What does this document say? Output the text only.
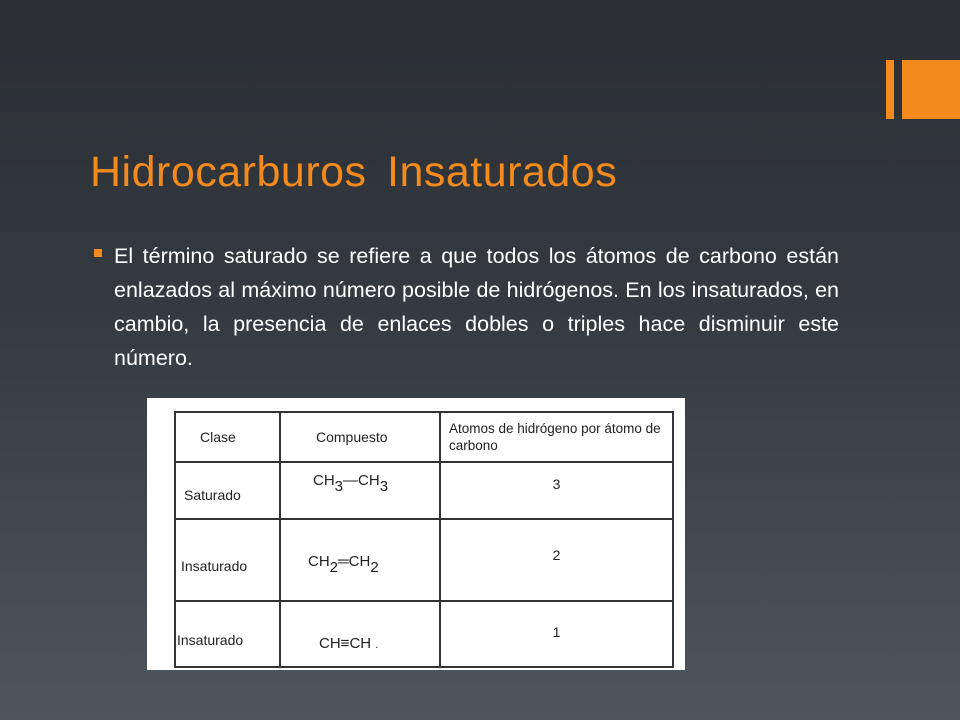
Hidrocarburos Insaturados

El término saturado se refiere a que todos los átomos de carbono están enlazados al máximo número posible de hidrógenos. En los insaturados, en cambio, la presencia de enlaces dobles o triples hace disminuir este número.

Clase	Compuesto	Atomos de hidrógeno por átomo de carbono

Saturado	$CH_3—CH_3$	3

Insaturado	$CH_2═CH_2$	2

Insaturado	CH≡CH .	1
